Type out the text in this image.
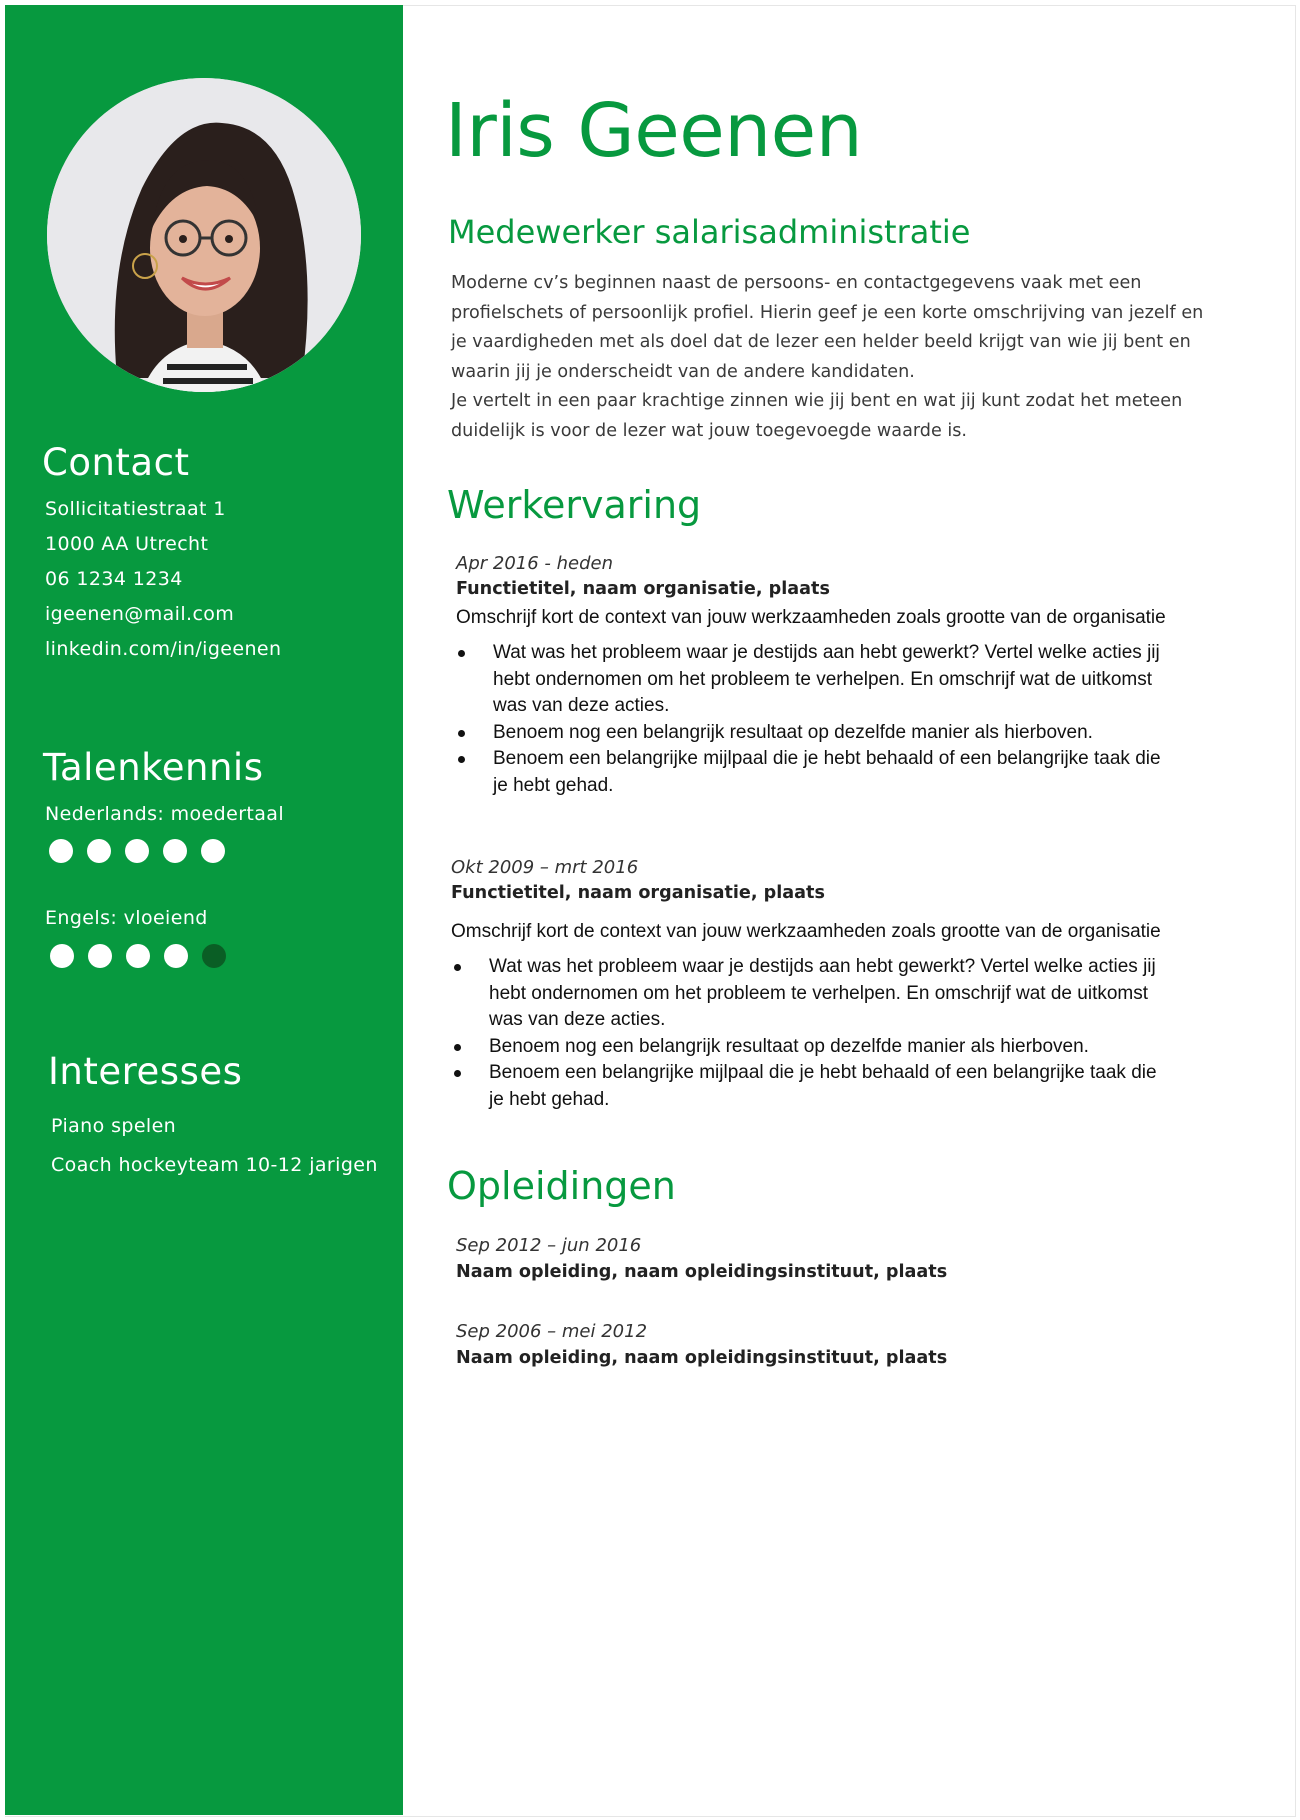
Contact

Sollicitatiestraat 1

1000 AA Utrecht

06 1234 1234

igeenen@mail.com

linkedin.com/in/igeenen

Talenkennis

Nederlands: moedertaal

Engels: vloeiend

Interesses

Piano spelen

Coach hockeyteam 10-12 jarigen

Iris Geenen
Medewerker salarisadministratie

Moderne cv’s beginnen naast de persoons- en contactgegevens vaak met een
profielschets of persoonlijk profiel. Hierin geef je een korte omschrijving van jezelf en
je vaardigheden met als doel dat de lezer een helder beeld krijgt van wie jij bent en
waarin jij je onderscheidt van de andere kandidaten.
Je vertelt in een paar krachtige zinnen wie jij bent en wat jij kunt zodat het meteen
duidelijk is voor de lezer wat jouw toegevoegde waarde is.

Werkervaring

Apr 2016 - heden

Functietitel, naam organisatie, plaats

Omschrijf kort de context van jouw werkzaamheden zoals grootte van de organisatie

Wat was het probleem waar je destijds aan hebt gewerkt? Vertel welke acties jij
hebt ondernomen om het probleem te verhelpen. En omschrijf wat de uitkomst
was van deze acties.
Benoem nog een belangrijk resultaat op dezelfde manier als hierboven.
Benoem een belangrijke mijlpaal die je hebt behaald of een belangrijke taak die
je hebt gehad.

Okt 2009 – mrt 2016

Functietitel, naam organisatie, plaats

Omschrijf kort de context van jouw werkzaamheden zoals grootte van de organisatie

Wat was het probleem waar je destijds aan hebt gewerkt? Vertel welke acties jij
hebt ondernomen om het probleem te verhelpen. En omschrijf wat de uitkomst
was van deze acties.
Benoem nog een belangrijk resultaat op dezelfde manier als hierboven.
Benoem een belangrijke mijlpaal die je hebt behaald of een belangrijke taak die
je hebt gehad.
Opleidingen

Sep 2012 – jun 2016

Naam opleiding, naam opleidingsinstituut, plaats

Sep 2006 – mei 2012

Naam opleiding, naam opleidingsinstituut, plaats
